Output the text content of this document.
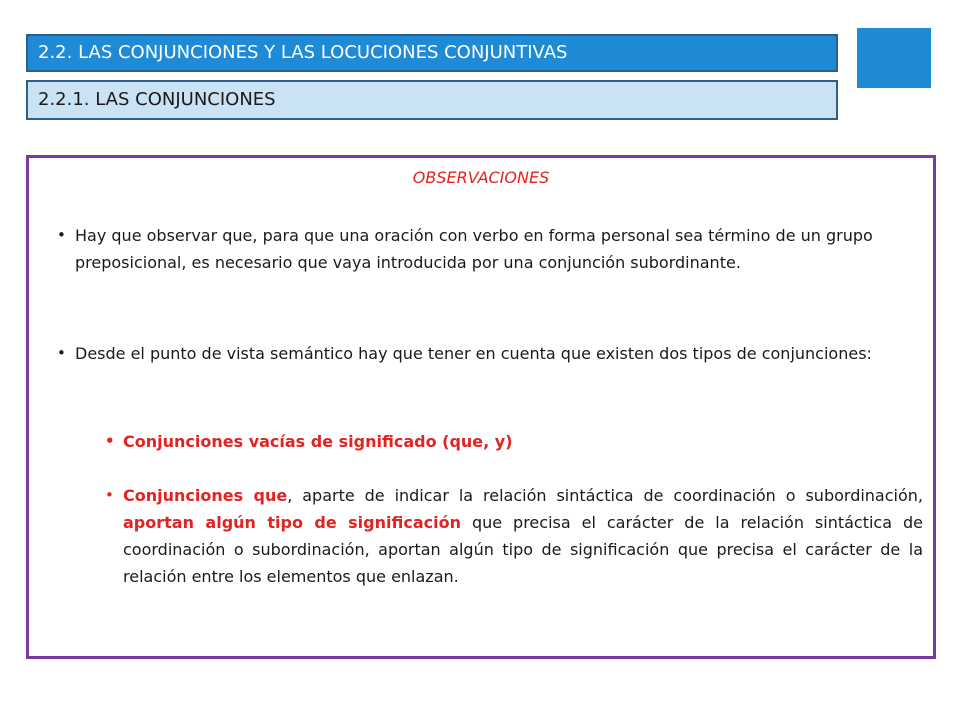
2.2. LAS CONJUNCIONES Y LAS LOCUCIONES CONJUNTIVAS
2.2.1. LAS CONJUNCIONES
OBSERVACIONES
• Hay que observar que, para que una oración con verbo en forma personal sea término de un grupo preposicional, es necesario que vaya introducida por una conjunción subordinante.
• Desde el punto de vista semántico hay que tener en cuenta que existen dos tipos de conjunciones:
• Conjunciones vacías de significado (que, y)
• Conjunciones que, aparte de indicar la relación sintáctica de coordinación o subordinación, aportan algún tipo de significación que precisa el carácter de la relación sintáctica de coordinación o subordinación, aportan algún tipo de significación que precisa el carácter de la relación entre los elementos que enlazan.
